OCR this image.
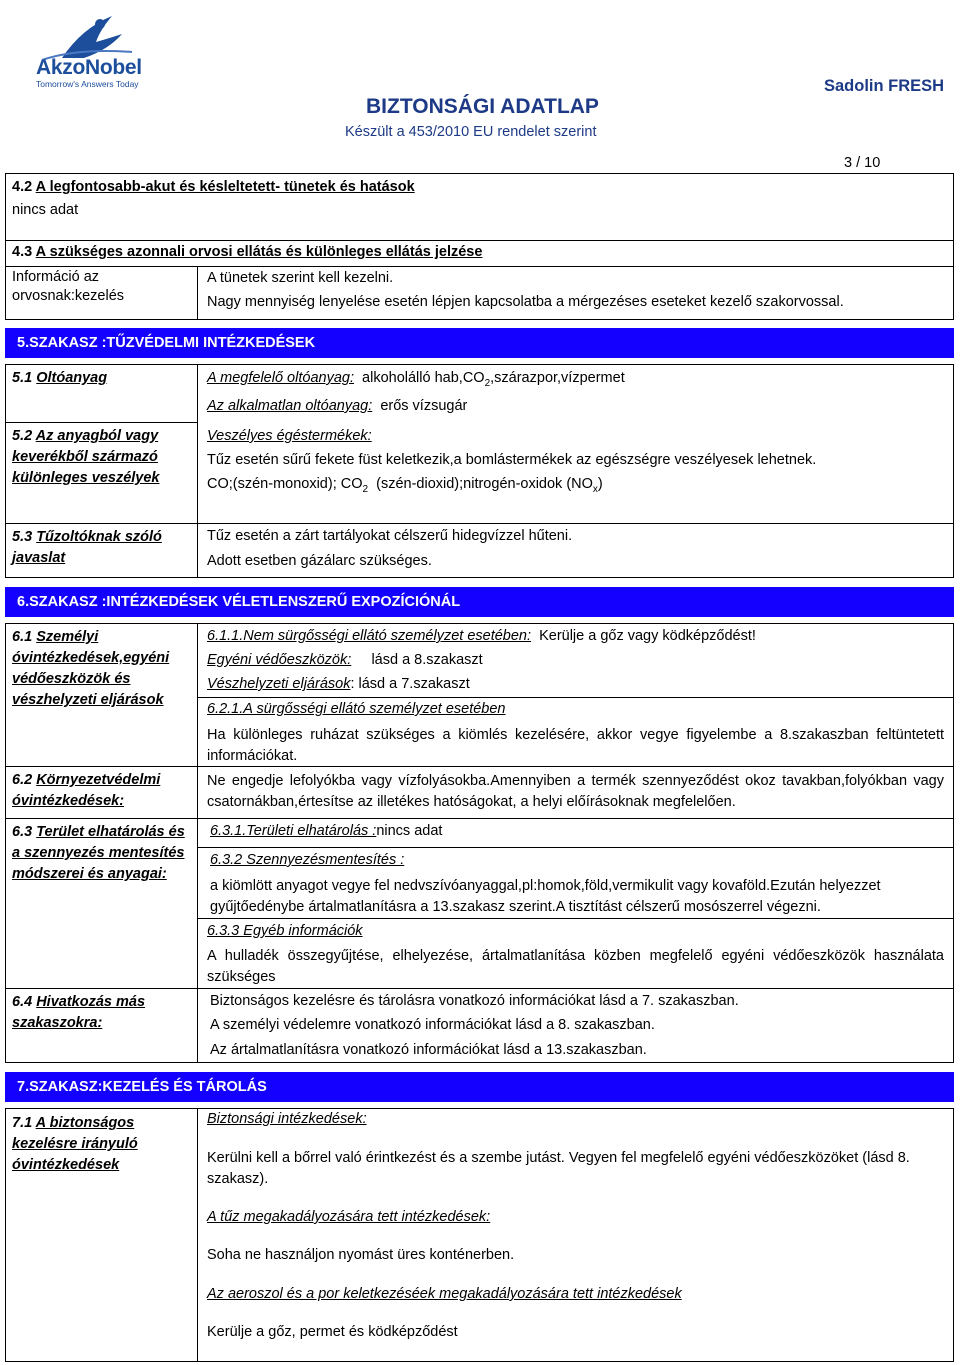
AkzoNobel
Tomorrow's Answers Today	Sadolin FRESH
BIZTONSÁGI ADATLAP
Készült a 453/2010 EU rendelet szerint
3 / 10
4.2 A legfontosabb-akut és késleltetett- tünetek és hatások
nincs adat
4.3 A szükséges azonnali orvosi ellátás és különleges ellátás jelzése
Információ az orvosnak:kezelés
A tünetek szerint kell kezelni.
Nagy mennyiség lenyelése esetén lépjen kapcsolatba a mérgezéses eseteket kezelő szakorvossal.
5.SZAKASZ :TŰZVÉDELMI INTÉZKEDÉSEK
5.1 Oltóanyag	A megfelelő oltóanyag: alkoholálló $hab,CO_2,szárazpor,vízpermet$
Az alkalmatlan oltóanyag: erős vízsugár
5.2 Az anyagból vagy keverékből származó különleges veszélyek
Veszélyes égéstermékek:
Tűz esetén sűrű fekete füst keletkezik,a bomlástermékek az egészségre veszélyesek lehetnek.
CO;(szén-monoxid); $CO_2$ (szén-dioxid);nitrogén-oxidok $(NO_x)$
5.3 Tűzoltóknak szóló javaslat
Tűz esetén a zárt tartályokat célszerű hidegvízzel hűteni.
Adott esetben gázálarc szükséges.
6.SZAKASZ :INTÉZKEDÉSEK VÉLETLENSZERŰ EXPOZÍCIÓNÁL
6.1 Személyi óvintézkedések,egyéni védőeszközök és vészhelyzeti eljárások
6.1.1.Nem sürgősségi ellátó személyzet esetében: Kerülje a gőz vagy ködképződést!
Egyéni védőeszközök: lásd a 8.szakaszt
Vészhelyzeti eljárások: lásd a 7.szakaszt
6.2.1.A sürgősségi ellátó személyzet esetében
Ha különleges ruházat szükséges a kiömlés kezelésére, akkor vegye figyelembe a 8.szakaszban feltüntetett információkat.
6.2 Környezetvédelmi óvintézkedések:
Ne engedje lefolyókba vagy vízfolyásokba.Amennyiben a termék szennyeződést okoz tavakban,folyókban vagy csatornákban,értesítse az illetékes hatóságokat, a helyi előírásoknak megfelelően.
6.3 Terület elhatárolás és a szennyezés mentesítés módszerei és anyagai:
6.3.1.Területi elhatárolás :nincs adat
6.3.2 Szennyezésmentesítés :
a kiömlött anyagot vegye fel nedvszívóanyaggal,pl:homok,föld,vermikulit vagy kovaföld.Ezután helyezzet gyűjtőedénybe ártalmatlanításra a 13.szakasz szerint.A tisztítást célszerű mosószerrel végezni.
6.3.3 Egyéb információk
A hulladék összegyűjtése, elhelyezése, ártalmatlanítása közben megfelelő egyéni védőeszközök használata szükséges
6.4 Hivatkozás más szakaszokra:
Biztonságos kezelésre és tárolásra vonatkozó információkat lásd a 7. szakaszban.
A személyi védelemre vonatkozó információkat lásd a 8. szakaszban.
Az ártalmatlanításra vonatkozó információkat lásd a 13.szakaszban.
7.SZAKASZ:KEZELÉS ÉS TÁROLÁS
7.1 A biztonságos kezelésre irányuló óvintézkedések
Biztonsági intézkedések:
Kerülni kell a bőrrel való érintkezést és a szembe jutást. Vegyen fel megfelelő egyéni védőeszközöket (lásd 8. szakasz).
A tűz megakadályozására tett intézkedések:
Soha ne használjon nyomást üres konténerben.
Az aeroszol és a por keletkezéséek megakadályozására tett intézkedések
Kerülje a gőz, permet és ködképződést
